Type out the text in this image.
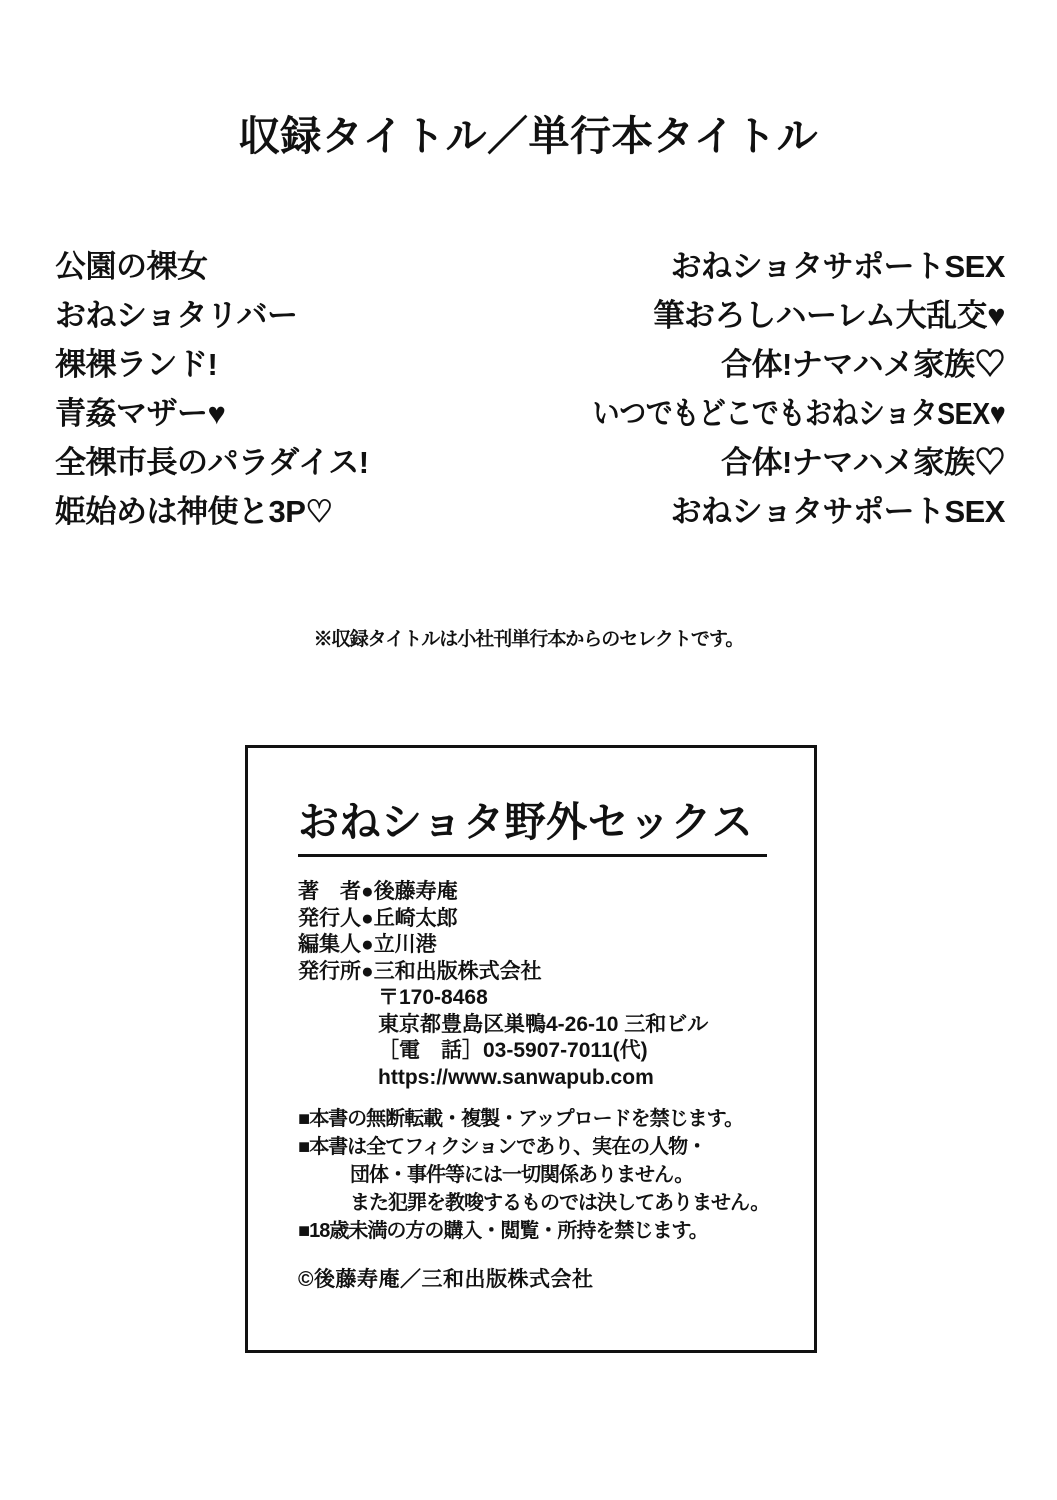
収録タイトル／単行本タイトル
公園の裸女	おねショタサポートSEX
おねショタリバー	筆おろしハーレム大乱交♥
裸裸ランド!	合体!ナマハメ家族♡
青姦マザー♥	いつでもどこでもおねショタSEX♥
全裸市長のパラダイス!	合体!ナマハメ家族♡
姫始めは神使と3P♡	おねショタサポートSEX
※収録タイトルは小社刊単行本からのセレクトです。
おねショタ野外セックス
著　者●後藤寿庵
発行人●丘崎太郎
編集人●立川港
発行所●三和出版株式会社
〒170-8468
東京都豊島区巣鴨4-26-10 三和ビル
［電　話］03-5907-7011(代)
https://www.sanwapub.com
■本書の無断転載・複製・アップロードを禁じます。
■本書は全てフィクションであり、実在の人物・
団体・事件等には一切関係ありません。
また犯罪を教唆するものでは決してありません。
■18歳未満の方の購入・閲覧・所持を禁じます。
©後藤寿庵／三和出版株式会社
